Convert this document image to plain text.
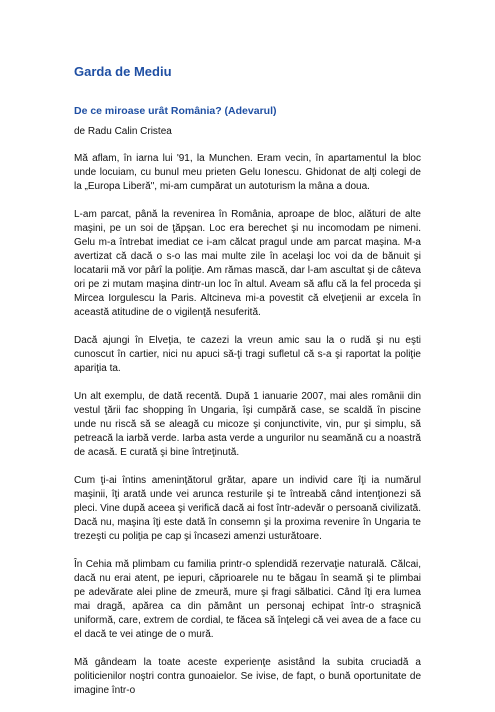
Garda de Mediu
De ce miroase urât România? (Adevarul)

de Radu Calin Cristea

Mă aflam, în iarna lui '91, la Munchen. Eram vecin, în apartamentul la bloc unde locuiam, cu bunul meu prieten Gelu Ionescu. Ghidonat de alţi colegi de la „Europa Liberă", mi-am cumpărat un autoturism la mâna a doua.

L-am parcat, până la revenirea în România, aproape de bloc, alături de alte maşini, pe un soi de ţăpşan. Loc era berechet şi nu incomodam pe nimeni. Gelu m-a întrebat imediat ce i-am călcat pragul unde am parcat maşina. M-a avertizat că dacă o s-o las mai multe zile în acelaşi loc voi da de bănuit şi locatarii mă vor pârî la poliţie. Am rămas mască, dar l-am ascultat şi de câteva ori pe zi mutam maşina dintr-un loc în altul. Aveam să aflu că la fel proceda şi Mircea Iorgulescu la Paris. Altcineva mi-a povestit că elveţienii ar excela în această atitudine de o vigilenţă nesuferită.

Dacă ajungi în Elveţia, te cazezi la vreun amic sau la o rudă şi nu eşti cunoscut în cartier, nici nu apuci să-ţi tragi sufletul că s-a şi raportat la poliţie apariţia ta.

Un alt exemplu, de dată recentă. După 1 ianuarie 2007, mai ales românii din vestul ţării fac shopping în Ungaria, îşi cumpără case, se scaldă în piscine unde nu riscă să se aleagă cu micoze şi conjunctivite, vin, pur şi simplu, să petreacă la iarbă verde. Iarba asta verde a ungurilor nu seamănă cu a noastră de acasă. E curată şi bine întreţinută.

Cum ţi-ai întins ameninţătorul grătar, apare un individ care îţi ia numărul maşinii, îţi arată unde vei arunca resturile şi te întreabă când intenţionezi să pleci. Vine după aceea şi verifică dacă ai fost într-adevăr o persoană civilizată. Dacă nu, maşina îţi este dată în consemn şi la proxima revenire în Ungaria te trezeşti cu poliţia pe cap şi încasezi amenzi usturătoare.

În Cehia mă plimbam cu familia printr-o splendidă rezervaţie naturală. Călcai, dacă nu erai atent, pe iepuri, căprioarele nu te băgau în seamă şi te plimbai pe adevărate alei pline de zmeură, mure şi fragi sălbatici. Când îţi era lumea mai dragă, apărea ca din pământ un personaj echipat într-o straşnică uniformă, care, extrem de cordial, te făcea să înţelegi că vei avea de a face cu el dacă te vei atinge de o mură.

Mă gândeam la toate aceste experienţe asistând la subita cruciadă a politicienilor noştri contra gunoaielor. Se ivise, de fapt, o bună oportunitate de imagine într-o
